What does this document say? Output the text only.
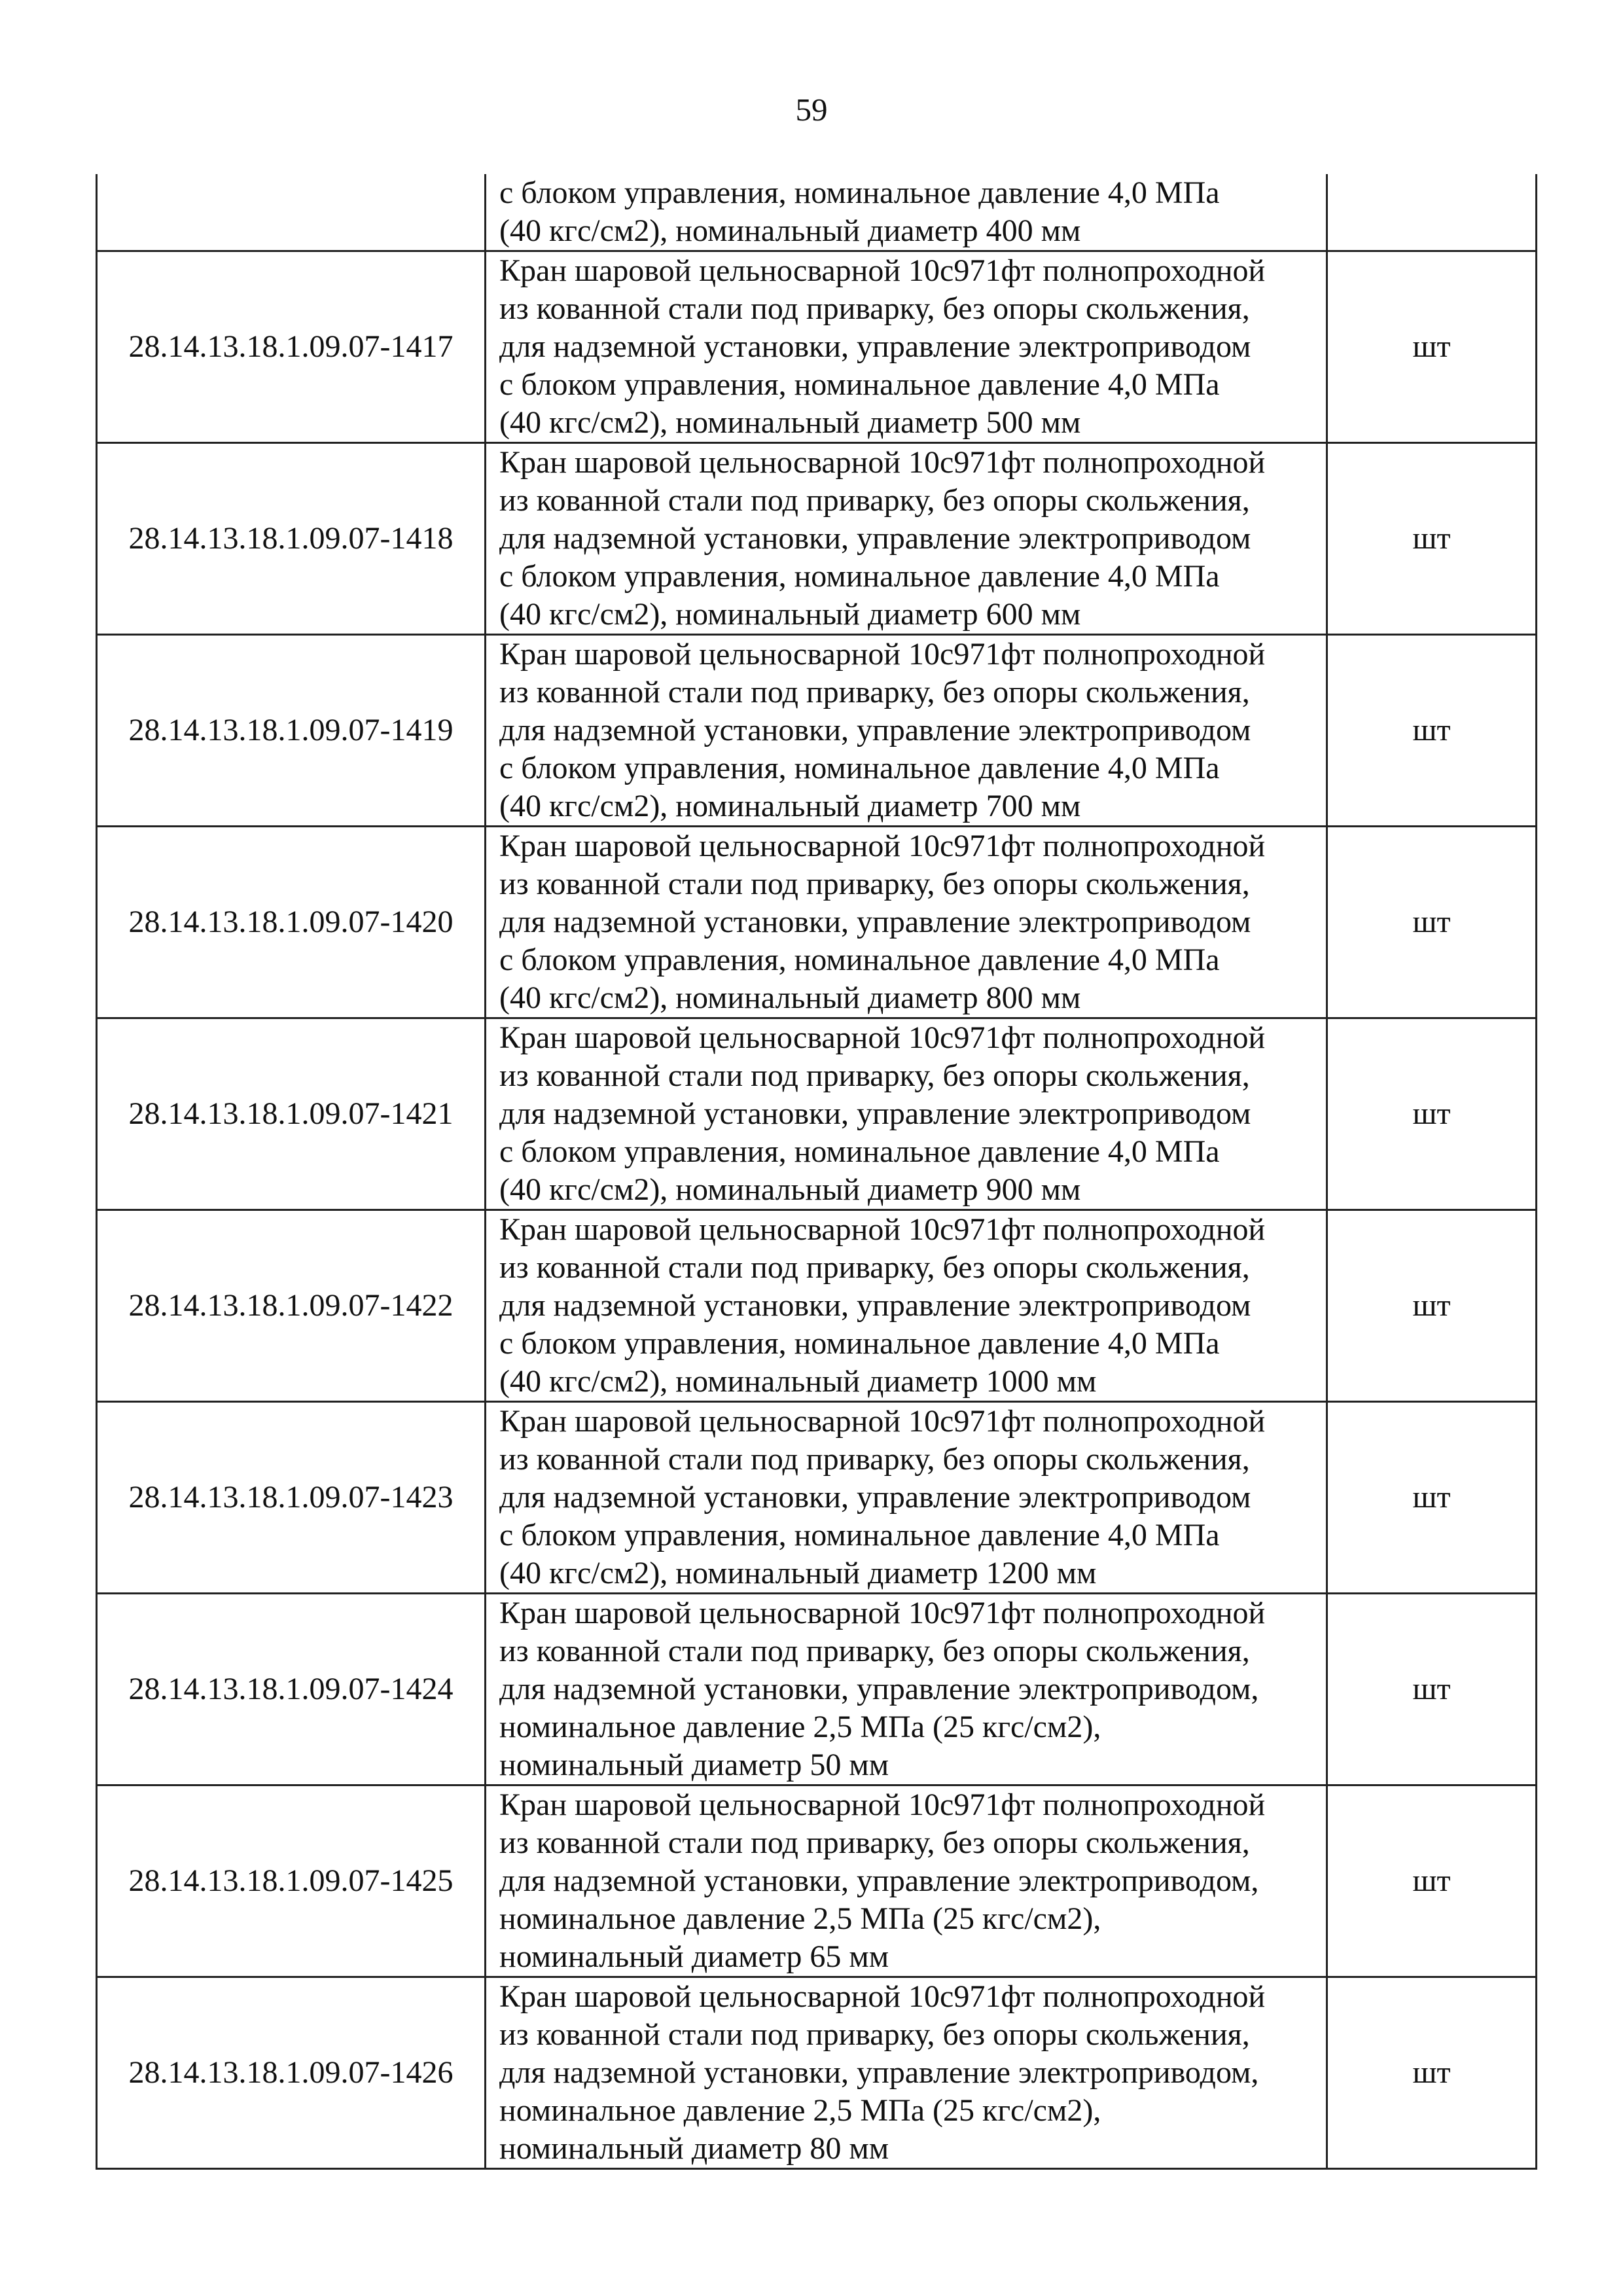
59

	с блоком управления, номинальное давление 4,0 МПа
(40 кгс/см2), номинальный диаметр 400 мм	

28.14.13.18.1.09.07-1417	Кран шаровой цельносварной 10с971фт полнопроходной
из кованной стали под приварку, без опоры скольжения,
для надземной установки, управление электроприводом
с блоком управления, номинальное давление 4,0 МПа
(40 кгс/см2), номинальный диаметр 500 мм	шт
28.14.13.18.1.09.07-1418	Кран шаровой цельносварной 10с971фт полнопроходной
из кованной стали под приварку, без опоры скольжения,
для надземной установки, управление электроприводом
с блоком управления, номинальное давление 4,0 МПа
(40 кгс/см2), номинальный диаметр 600 мм	шт
28.14.13.18.1.09.07-1419	Кран шаровой цельносварной 10с971фт полнопроходной
из кованной стали под приварку, без опоры скольжения,
для надземной установки, управление электроприводом
с блоком управления, номинальное давление 4,0 МПа
(40 кгс/см2), номинальный диаметр 700 мм	шт
28.14.13.18.1.09.07-1420	Кран шаровой цельносварной 10с971фт полнопроходной
из кованной стали под приварку, без опоры скольжения,
для надземной установки, управление электроприводом
с блоком управления, номинальное давление 4,0 МПа
(40 кгс/см2), номинальный диаметр 800 мм	шт
28.14.13.18.1.09.07-1421	Кран шаровой цельносварной 10с971фт полнопроходной
из кованной стали под приварку, без опоры скольжения,
для надземной установки, управление электроприводом
с блоком управления, номинальное давление 4,0 МПа
(40 кгс/см2), номинальный диаметр 900 мм	шт
28.14.13.18.1.09.07-1422	Кран шаровой цельносварной 10с971фт полнопроходной
из кованной стали под приварку, без опоры скольжения,
для надземной установки, управление электроприводом
с блоком управления, номинальное давление 4,0 МПа
(40 кгс/см2), номинальный диаметр 1000 мм	шт
28.14.13.18.1.09.07-1423	Кран шаровой цельносварной 10с971фт полнопроходной
из кованной стали под приварку, без опоры скольжения,
для надземной установки, управление электроприводом
с блоком управления, номинальное давление 4,0 МПа
(40 кгс/см2), номинальный диаметр 1200 мм	шт
28.14.13.18.1.09.07-1424	Кран шаровой цельносварной 10с971фт полнопроходной
из кованной стали под приварку, без опоры скольжения,
для надземной установки, управление электроприводом,
номинальное давление 2,5 МПа (25 кгс/см2),
номинальный диаметр 50 мм	шт
28.14.13.18.1.09.07-1425	Кран шаровой цельносварной 10с971фт полнопроходной
из кованной стали под приварку, без опоры скольжения,
для надземной установки, управление электроприводом,
номинальное давление 2,5 МПа (25 кгс/см2),
номинальный диаметр 65 мм	шт
28.14.13.18.1.09.07-1426	Кран шаровой цельносварной 10с971фт полнопроходной
из кованной стали под приварку, без опоры скольжения,
для надземной установки, управление электроприводом,
номинальное давление 2,5 МПа (25 кгс/см2),
номинальный диаметр 80 мм	шт
